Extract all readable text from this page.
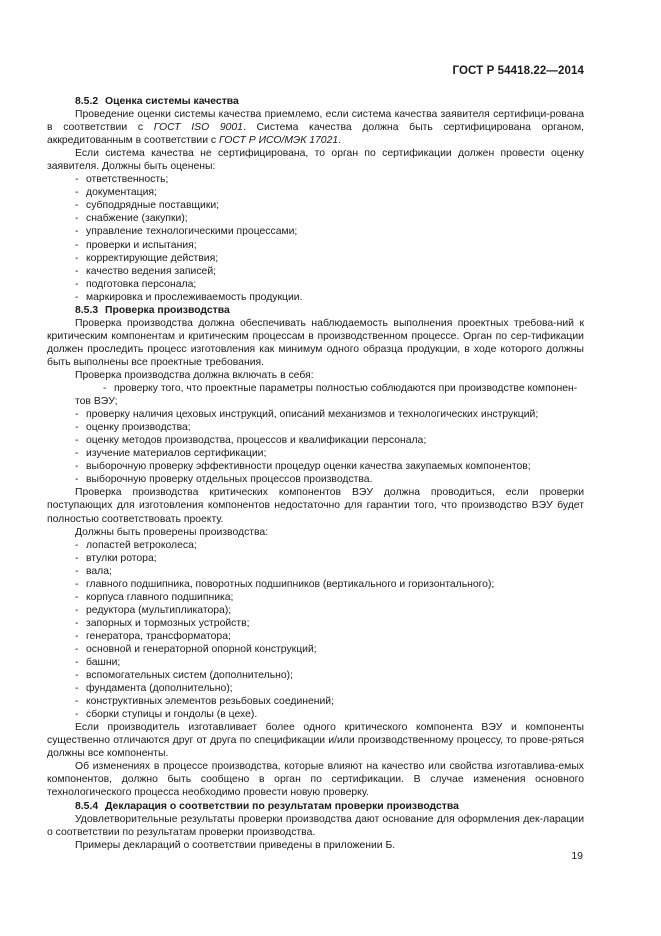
ГОСТ Р 54418.22—2014

8.5.2 Оценка системы качества

Проведение оценки системы качества приемлемо, если система качества заявителя сертифици-рована в соответствии с ГОСТ ISO 9001. Система качества должна быть сертифицирована органом, аккредитованным в соответствии с ГОСТ Р ИСО/МЭК 17021.

Если система качества не сертифицирована, то орган по сертификации должен провести оценку заявителя. Должны быть оценены:

- ответственность;
- документация;
- субподрядные поставщики;
- снабжение (закупки);
- управление технологическими процессами;
- проверки и испытания;
- корректирующие действия;
- качество ведения записей;
- подготовка персонала;
- маркировка и прослеживаемость продукции.

8.5.3 Проверка производства

Проверка производства должна обеспечивать наблюдаемость выполнения проектных требова-ний к критическим компонентам и критическим процессам в производственном процессе. Орган по сер-тификации должен проследить процесс изготовления как минимум одного образца продукции, в ходе которого должны быть выполнены все проектные требования.

Проверка производства должна включать в себя:

- проверку того, что проектные параметры полностью соблюдаются при производстве компонен-тов ВЭУ;
- проверку наличия цеховых инструкций, описаний механизмов и технологических инструкций;
- оценку производства;
- оценку методов производства, процессов и квалификации персонала;
- изучение материалов сертификации;
- выборочную проверку эффективности процедур оценки качества закупаемых компонентов;
- выборочную проверку отдельных процессов производства.

Проверка производства критических компонентов ВЭУ должна проводиться, если проверки поступающих для изготовления компонентов недостаточно для гарантии того, что производство ВЭУ будет полностью соответствовать проекту.

Должны быть проверены производства:

- лопастей ветроколеса;
- втулки ротора;
- вала;
- главного подшипника, поворотных подшипников (вертикального и горизонтального);
- корпуса главного подшипника;
- редуктора (мультипликатора);
- запорных и тормозных устройств;
- генератора, трансформатора;
- основной и генераторной опорной конструкций;
- башни;
- вспомогательных систем (дополнительно);
- фундамента (дополнительно);
- конструктивных элементов резьбовых соединений;
- сборки ступицы и гондолы (в цехе).

Если производитель изготавливает более одного критического компонента ВЭУ и компоненты существенно отличаются друг от друга по спецификации и/или производственному процессу, то прове-ряться должны все компоненты.

Об изменениях в процессе производства, которые влияют на качество или свойства изготавлива-емых компонентов, должно быть сообщено в орган по сертификации. В случае изменения основного технологического процесса необходимо провести новую проверку.

8.5.4 Декларация о соответствии по результатам проверки производства

Удовлетворительные результаты проверки производства дают основание для оформления дек-ларации о соответствии по результатам проверки производства.

Примеры деклараций о соответствии приведены в приложении Б.

19
